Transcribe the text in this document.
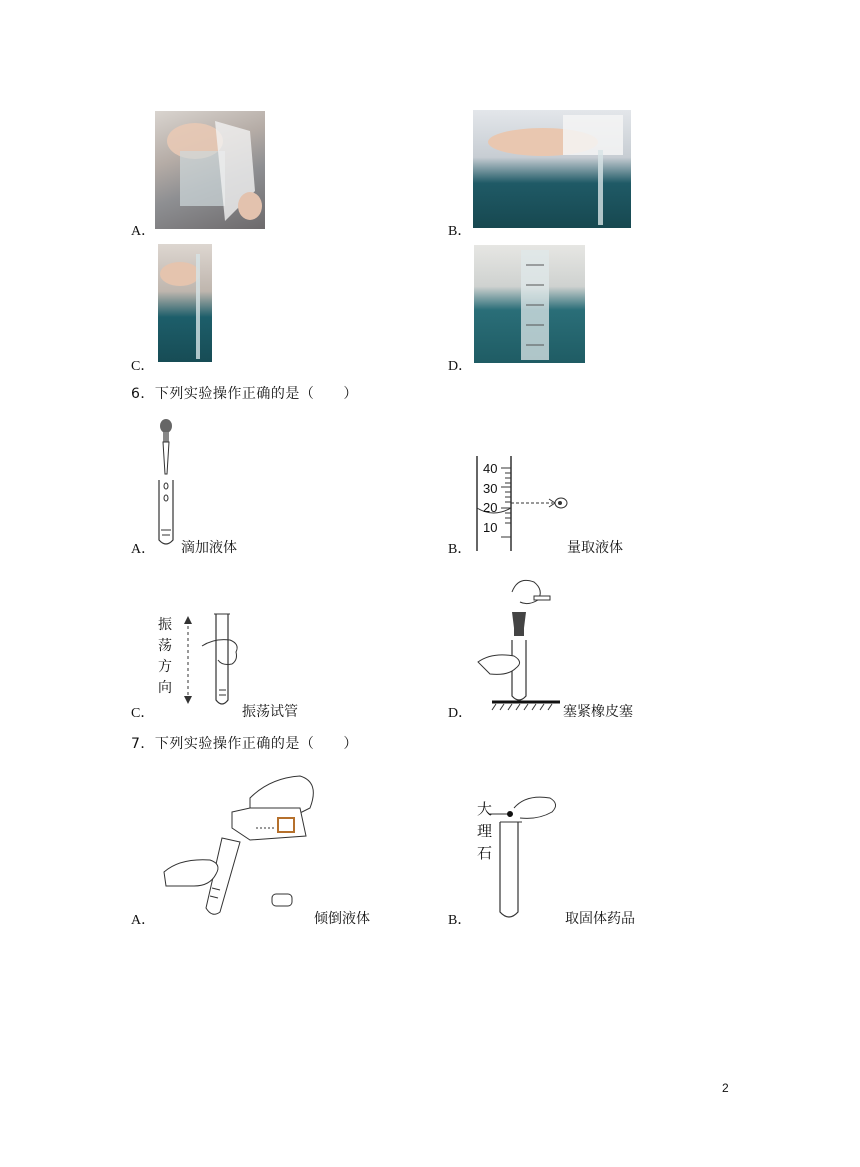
A．	B．
C．	D．
6．下列实验操作正确的是（　　）
A． 滴加液体
40
30
20
10
B．	量取液体
振
荡
方
向
C．	振荡试管	D．	塞紧橡皮塞
7．下列实验操作正确的是（　　）
A．	倾倒液体
大
理
石
B．	取固体药品
2
